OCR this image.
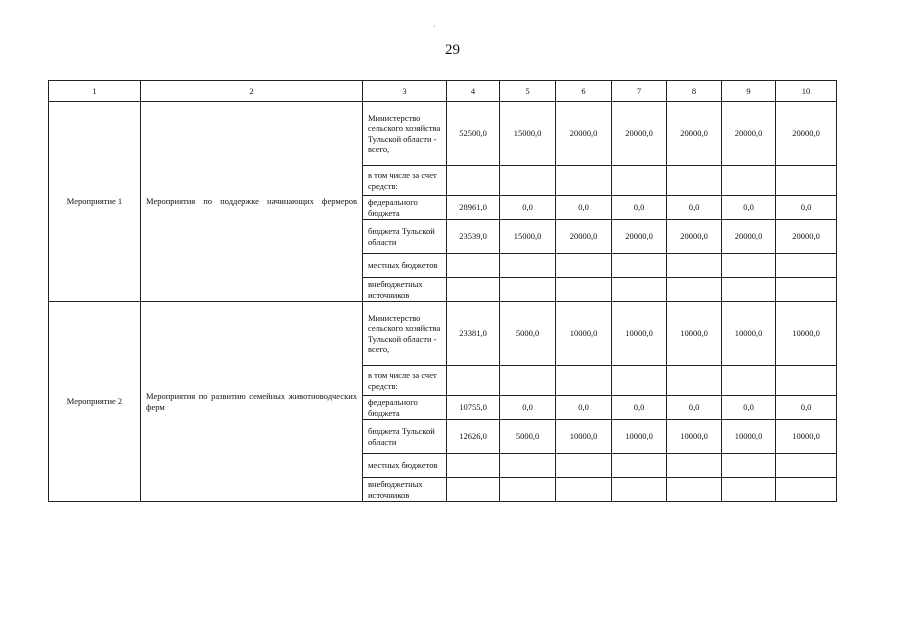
29
1	2	3	4	5	6	7	8	9	10
Мероприятие 1	Мероприятия по поддержке начинающих фермеров	Министерство сельского хозяйства Тульской области - всего,	52500,0	15000,0	20000,0	20000,0	20000,0	20000,0	20000,0
		в том числе за счет средств:							
		федерального бюджета	28961,0	0,0	0,0	0,0	0,0	0,0	0,0
		бюджета Тульской области	23539,0	15000,0	20000,0	20000,0	20000,0	20000,0	20000,0
		местных бюджетов							
		внебюджетных источников							
Мероприятие 2	Мероприятия по развитию семейных животноводческих ферм	Министерство сельского хозяйства Тульской области - всего,	23381,0	5000,0	10000,0	10000,0	10000,0	10000,0	10000,0
		в том числе за счет средств:							
		федерального бюджета	10755,0	0,0	0,0	0,0	0,0	0,0	0,0
		бюджета Тульской области	12626,0	5000,0	10000,0	10000,0	10000,0	10000,0	10000,0
		местных бюджетов							
		внебюджетных источников							
·
